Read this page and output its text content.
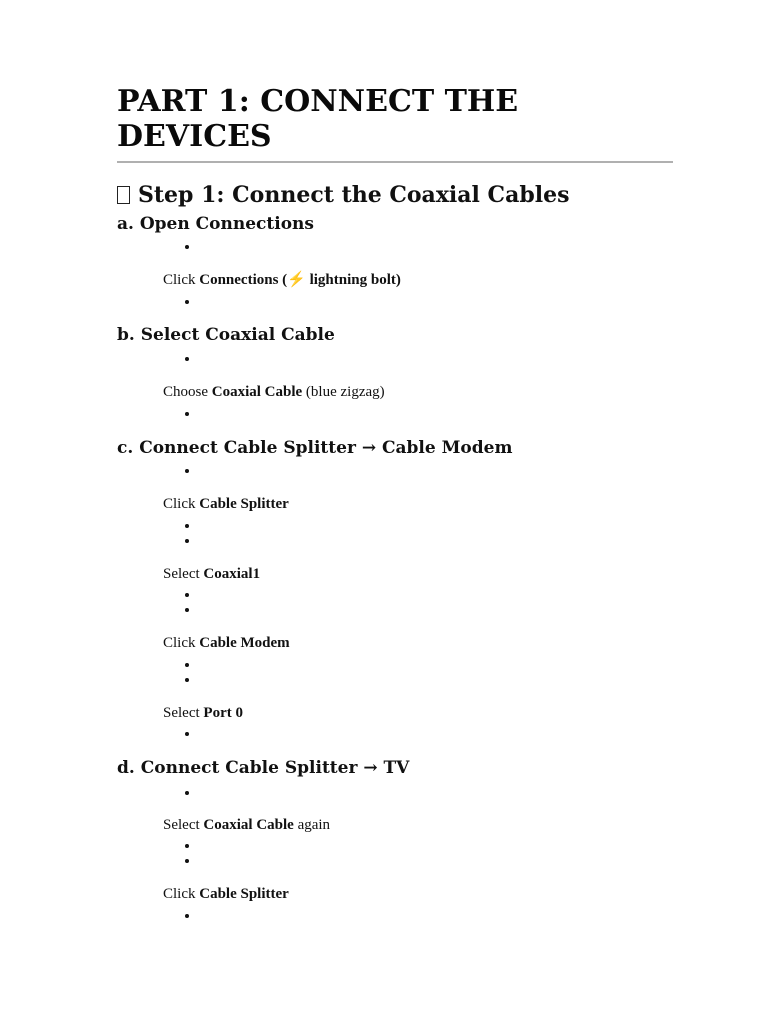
PART 1: CONNECT THE DEVICES
Step 1: Connect the Coaxial Cables
a. Open Connections

Click Connections (⚡ lightning bolt)

b. Select Coaxial Cable

Choose Coaxial Cable (blue zigzag)

c. Connect Cable Splitter → Cable Modem

Click Cable Splitter

Select Coaxial1

Click Cable Modem

Select Port 0

d. Connect Cable Splitter → TV

Select Coaxial Cable again

Click Cable Splitter
